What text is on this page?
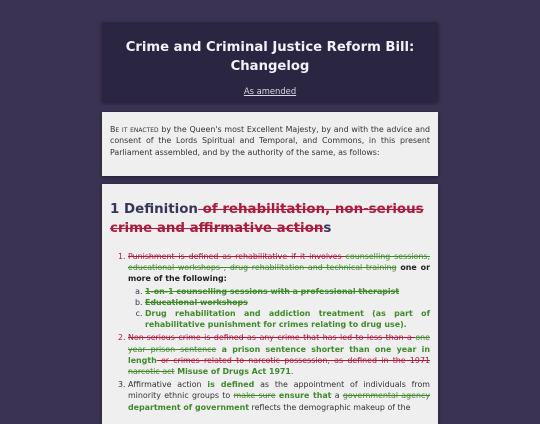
Crime and Criminal Justice Reform Bill: Changelog
As amended

Be it enacted by the Queen's most Excellent Majesty, by and with the advice and consent of the Lords Spiritual and Temporal, and Commons, in this present Parliament assembled, and by the authority of the same, as follows:

1 Definition of rehabilitation, non-serious crime and affirmative actions
1. Punishment is defined as rehabilitative if it involves counselling sessions, educational workshops , drug rehabilitation and technical training one or more of the following:
a. 1-on-1 counselling sessions with a professional therapist
b. Educational workshops
c. Drug rehabilitation and addiction treatment (as part of rehabilitative punishment for crimes relating to drug use).
2. Non-serious crime is defined as any crime that has led to less than a one year prison sentence a prison sentence shorter than one year in length or crimes related to narcotic possession, as defined in the 1971 narcotic act Misuse of Drugs Act 1971.
3. Affirmative action is defined as the appointment of individuals from minority ethnic groups to make sure ensure that a governmental agency department of government reflects the demographic makeup of the
